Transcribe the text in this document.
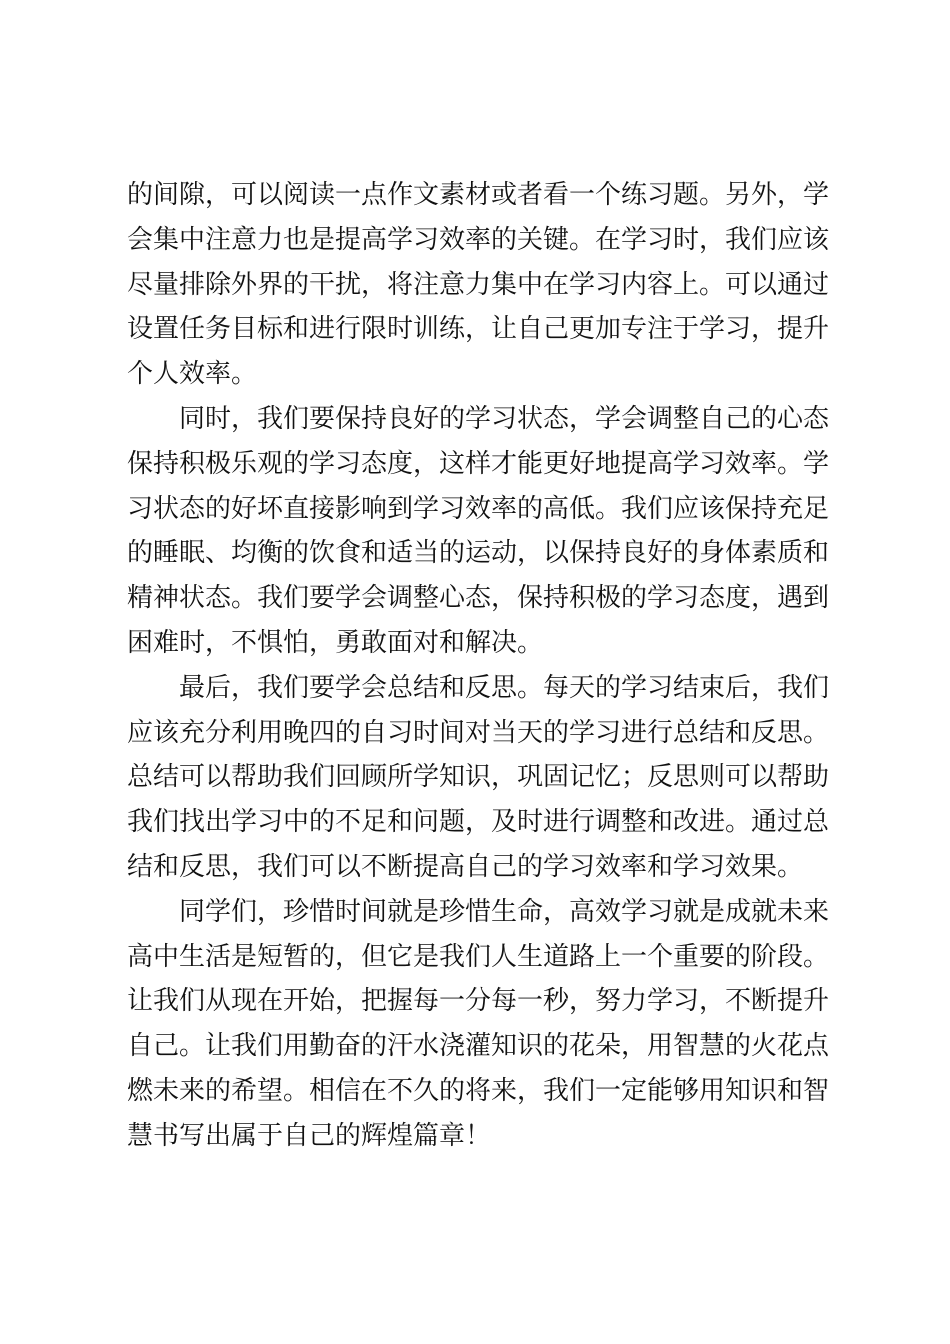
的间隙，可以阅读一点作文素材或者看一个练习题。另外，学
会集中注意力也是提高学习效率的关键。在学习时，我们应该
尽量排除外界的干扰，将注意力集中在学习内容上。可以通过
设置任务目标和进行限时训练，让自己更加专注于学习，提升
个人效率。
同时，我们要保持良好的学习状态，学会调整自己的心态
保持积极乐观的学习态度，这样才能更好地提高学习效率。学
习状态的好坏直接影响到学习效率的高低。我们应该保持充足
的睡眠、均衡的饮食和适当的运动，以保持良好的身体素质和
精神状态。我们要学会调整心态，保持积极的学习态度，遇到
困难时，不惧怕，勇敢面对和解决。
最后，我们要学会总结和反思。每天的学习结束后，我们
应该充分利用晚四的自习时间对当天的学习进行总结和反思。
总结可以帮助我们回顾所学知识，巩固记忆；反思则可以帮助
我们找出学习中的不足和问题，及时进行调整和改进。通过总
结和反思，我们可以不断提高自己的学习效率和学习效果。
同学们，珍惜时间就是珍惜生命，高效学习就是成就未来
高中生活是短暂的，但它是我们人生道路上一个重要的阶段。
让我们从现在开始，把握每一分每一秒，努力学习，不断提升
自己。让我们用勤奋的汗水浇灌知识的花朵，用智慧的火花点
燃未来的希望。相信在不久的将来，我们一定能够用知识和智
慧书写出属于自己的辉煌篇章！
